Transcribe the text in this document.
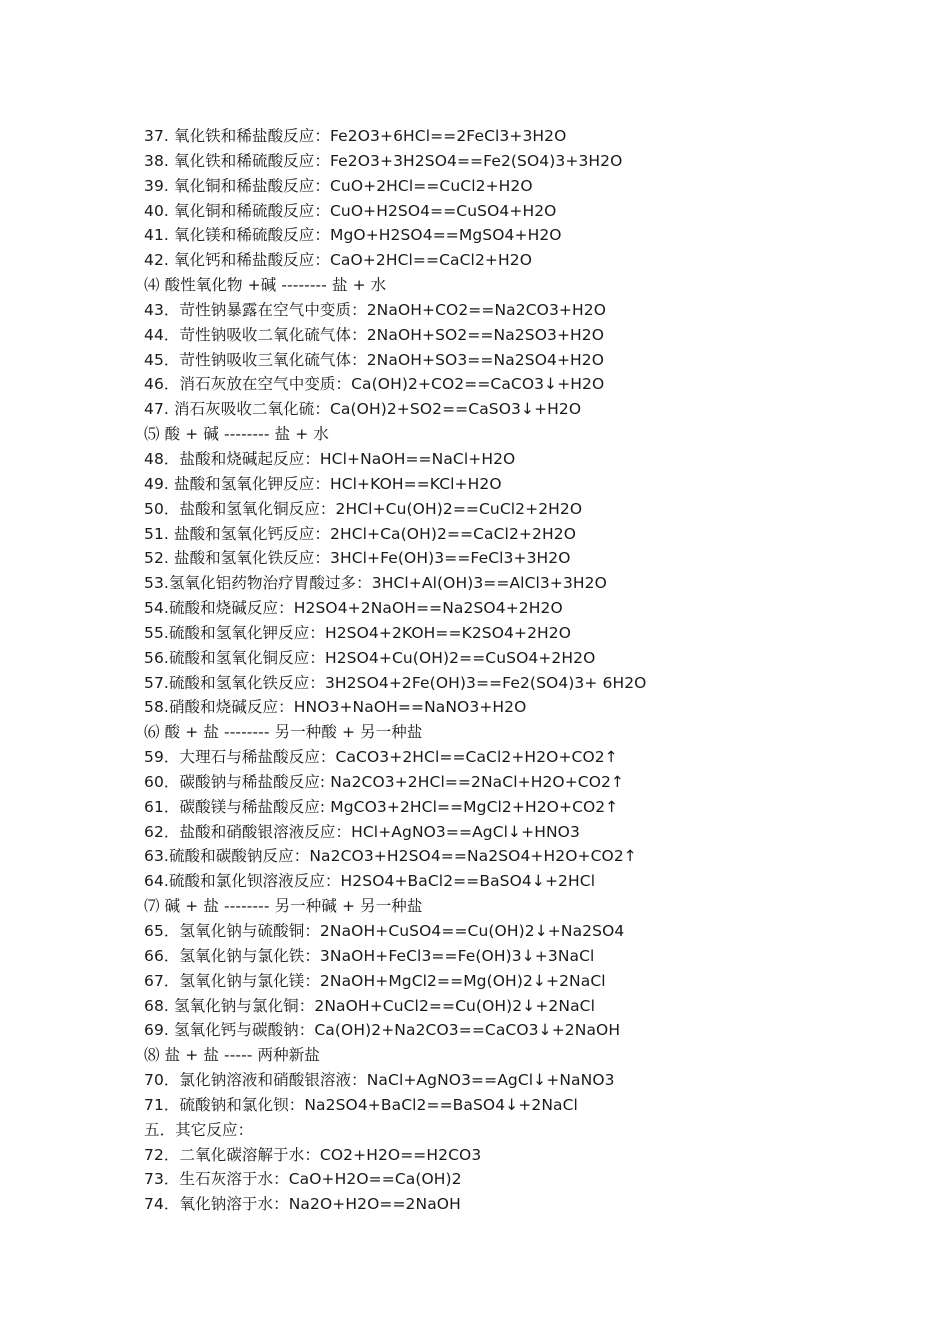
37. 氧化铁和稀盐酸反应：Fe2O3+6HCl==2FeCl3+3H2O
38. 氧化铁和稀硫酸反应：Fe2O3+3H2SO4==Fe2(SO4)3+3H2O
39. 氧化铜和稀盐酸反应：CuO+2HCl==CuCl2+H2O
40. 氧化铜和稀硫酸反应：CuO+H2SO4==CuSO4+H2O
41. 氧化镁和稀硫酸反应：MgO+H2SO4==MgSO4+H2O
42. 氧化钙和稀盐酸反应：CaO+2HCl==CaCl2+H2O
⑷ 酸性氧化物 +碱 -------- 盐 + 水
43．苛性钠暴露在空气中变质：2NaOH+CO2==Na2CO3+H2O
44．苛性钠吸收二氧化硫气体：2NaOH+SO2==Na2SO3+H2O
45．苛性钠吸收三氧化硫气体：2NaOH+SO3==Na2SO4+H2O
46．消石灰放在空气中变质：Ca(OH)2+CO2==CaCO3↓+H2O
47. 消石灰吸收二氧化硫：Ca(OH)2+SO2==CaSO3↓+H2O
⑸ 酸 + 碱 -------- 盐 + 水
48．盐酸和烧碱起反应：HCl+NaOH==NaCl+H2O
49. 盐酸和氢氧化钾反应：HCl+KOH==KCl+H2O
50．盐酸和氢氧化铜反应：2HCl+Cu(OH)2==CuCl2+2H2O
51. 盐酸和氢氧化钙反应：2HCl+Ca(OH)2==CaCl2+2H2O
52. 盐酸和氢氧化铁反应：3HCl+Fe(OH)3==FeCl3+3H2O
53.氢氧化铝药物治疗胃酸过多：3HCl+Al(OH)3==AlCl3+3H2O
54.硫酸和烧碱反应：H2SO4+2NaOH==Na2SO4+2H2O
55.硫酸和氢氧化钾反应：H2SO4+2KOH==K2SO4+2H2O
56.硫酸和氢氧化铜反应：H2SO4+Cu(OH)2==CuSO4+2H2O
57.硫酸和氢氧化铁反应：3H2SO4+2Fe(OH)3==Fe2(SO4)3+ 6H2O
58.硝酸和烧碱反应：HNO3+NaOH==NaNO3+H2O
⑹ 酸 + 盐 -------- 另一种酸 + 另一种盐
59．大理石与稀盐酸反应：CaCO3+2HCl==CaCl2+H2O+CO2↑
60．碳酸钠与稀盐酸反应: Na2CO3+2HCl==2NaCl+H2O+CO2↑
61．碳酸镁与稀盐酸反应: MgCO3+2HCl==MgCl2+H2O+CO2↑
62．盐酸和硝酸银溶液反应：HCl+AgNO3==AgCl↓+HNO3
63.硫酸和碳酸钠反应：Na2CO3+H2SO4==Na2SO4+H2O+CO2↑
64.硫酸和氯化钡溶液反应：H2SO4+BaCl2==BaSO4↓+2HCl
⑺ 碱 + 盐 -------- 另一种碱 + 另一种盐
65．氢氧化钠与硫酸铜：2NaOH+CuSO4==Cu(OH)2↓+Na2SO4
66．氢氧化钠与氯化铁：3NaOH+FeCl3==Fe(OH)3↓+3NaCl
67．氢氧化钠与氯化镁：2NaOH+MgCl2==Mg(OH)2↓+2NaCl
68. 氢氧化钠与氯化铜：2NaOH+CuCl2==Cu(OH)2↓+2NaCl
69. 氢氧化钙与碳酸钠：Ca(OH)2+Na2CO3==CaCO3↓+2NaOH
⑻ 盐 + 盐 ----- 两种新盐
70．氯化钠溶液和硝酸银溶液：NaCl+AgNO3==AgCl↓+NaNO3
71．硫酸钠和氯化钡：Na2SO4+BaCl2==BaSO4↓+2NaCl
五．其它反应：
72．二氧化碳溶解于水：CO2+H2O==H2CO3
73．生石灰溶于水：CaO+H2O==Ca(OH)2
74．氧化钠溶于水：Na2O+H2O==2NaOH
